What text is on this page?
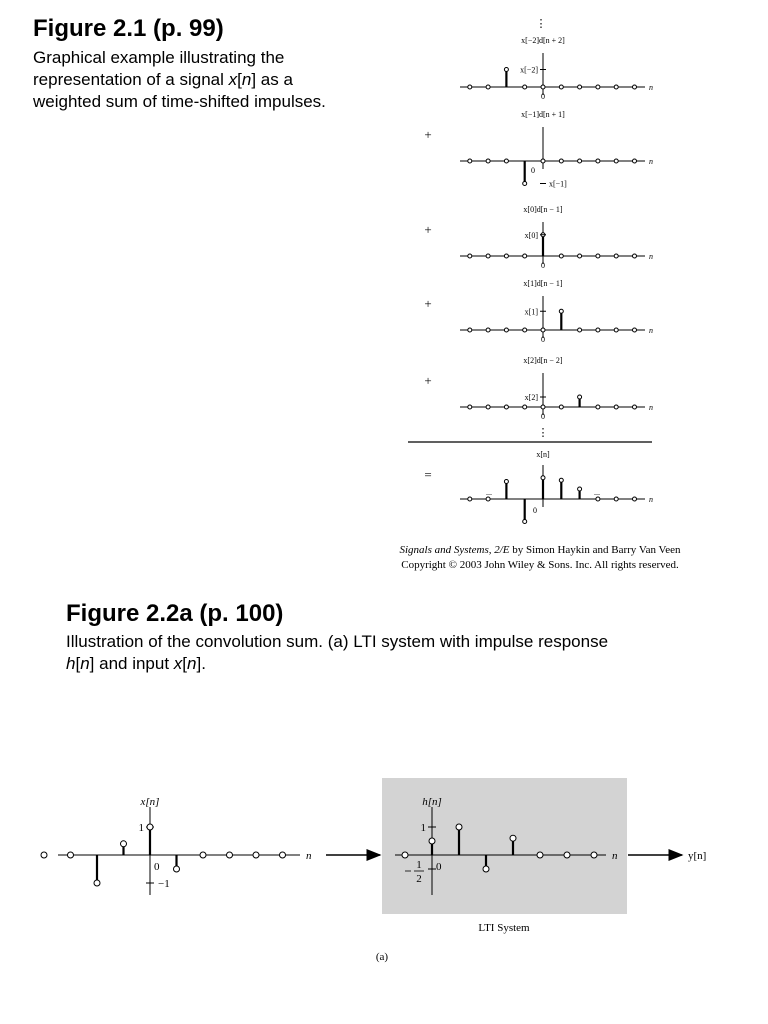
Figure 2.1 (p. 99)
Graphical example illustrating the representation of a signal x[n] as a weighted sum of time-shifted impulses.
⋮
⋮
x[−2]d[n + 2]
n
x[−2]
0
x[−1]d[n + 1]
n
x[−1]
0
+
x[0]d[n − 1]
n
x[0]
0
+
x[1]d[n − 1]
n
x[1]
0
+
x[2]d[n − 2]
n
x[2]
0
+
x[n]
n
0
...	...
=
Signals and Systems, 2/E by Simon Haykin and Barry Van Veen
Copyright © 2003 John Wiley & Sons. Inc. All rights reserved.
Figure 2.2a (p. 100)
Illustration of the convolution sum. (a) LTI system with impulse response
h[n] and input x[n].
x[n]
n
1
−1
0
h[n]
n
1
1
2
0
y[n]
LTI System
(a)
